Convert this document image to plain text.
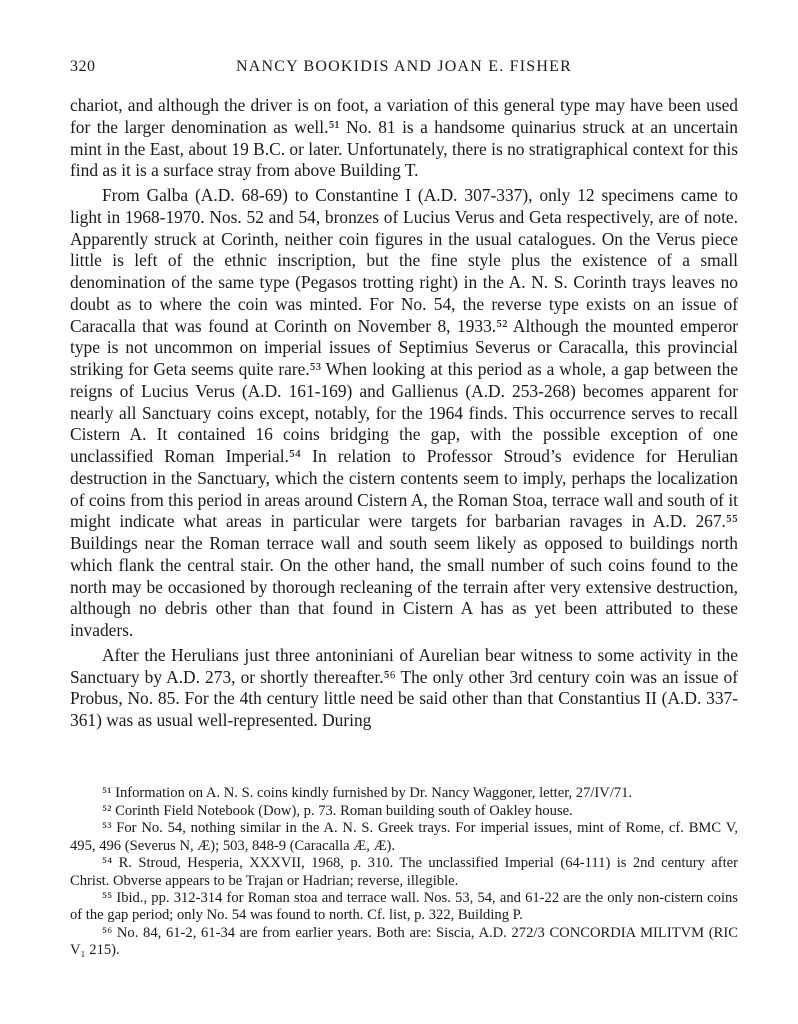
320	NANCY BOOKIDIS AND JOAN E. FISHER

chariot, and although the driver is on foot, a variation of this general type may have been used for the larger denomination as well.⁵¹ No. 81 is a handsome quinarius struck at an uncertain mint in the East, about 19 B.C. or later. Unfortunately, there is no stratigraphical context for this find as it is a surface stray from above Building T.

From Galba (A.D. 68-69) to Constantine I (A.D. 307-337), only 12 specimens came to light in 1968-1970. Nos. 52 and 54, bronzes of Lucius Verus and Geta respectively, are of note. Apparently struck at Corinth, neither coin figures in the usual catalogues. On the Verus piece little is left of the ethnic inscription, but the fine style plus the existence of a small denomination of the same type (Pegasos trotting right) in the A. N. S. Corinth trays leaves no doubt as to where the coin was minted. For No. 54, the reverse type exists on an issue of Caracalla that was found at Corinth on November 8, 1933.⁵² Although the mounted emperor type is not uncommon on imperial issues of Septimius Severus or Caracalla, this provincial striking for Geta seems quite rare.⁵³ When looking at this period as a whole, a gap between the reigns of Lucius Verus (A.D. 161-169) and Gallienus (A.D. 253-268) becomes apparent for nearly all Sanctuary coins except, notably, for the 1964 finds. This occurrence serves to recall Cistern A. It contained 16 coins bridging the gap, with the possible exception of one unclassified Roman Imperial.⁵⁴ In relation to Professor Stroud’s evidence for Herulian destruction in the Sanctuary, which the cistern contents seem to imply, perhaps the localization of coins from this period in areas around Cistern A, the Roman Stoa, terrace wall and south of it might indicate what areas in particular were targets for barbarian ravages in A.D. 267.⁵⁵ Buildings near the Roman terrace wall and south seem likely as opposed to buildings north which flank the central stair. On the other hand, the small number of such coins found to the north may be occasioned by thorough recleaning of the terrain after very extensive destruction, although no debris other than that found in Cistern A has as yet been attributed to these invaders.

After the Herulians just three antoniniani of Aurelian bear witness to some activity in the Sanctuary by A.D. 273, or shortly thereafter.⁵⁶ The only other 3rd century coin was an issue of Probus, No. 85. For the 4th century little need be said other than that Constantius II (A.D. 337-361) was as usual well-represented. During

⁵¹ Information on A. N. S. coins kindly furnished by Dr. Nancy Waggoner, letter, 27/IV/71.

⁵² Corinth Field Notebook (Dow), p. 73. Roman building south of Oakley house.

⁵³ For No. 54, nothing similar in the A. N. S. Greek trays. For imperial issues, mint of Rome, cf. BMC V, 495, 496 (Severus N, Æ); 503, 848-9 (Caracalla Æ, Æ).

⁵⁴ R. Stroud, Hesperia, XXXVII, 1968, p. 310. The unclassified Imperial (64-111) is 2nd century after Christ. Obverse appears to be Trajan or Hadrian; reverse, illegible.

⁵⁵ Ibid., pp. 312-314 for Roman stoa and terrace wall. Nos. 53, 54, and 61-22 are the only non-cistern coins of the gap period; only No. 54 was found to north. Cf. list, p. 322, Building P.

⁵⁶ No. 84, 61-2, 61-34 are from earlier years. Both are: Siscia, A.D. 272/3 CONCORDIA MILITVM (RIC V₁ 215).
